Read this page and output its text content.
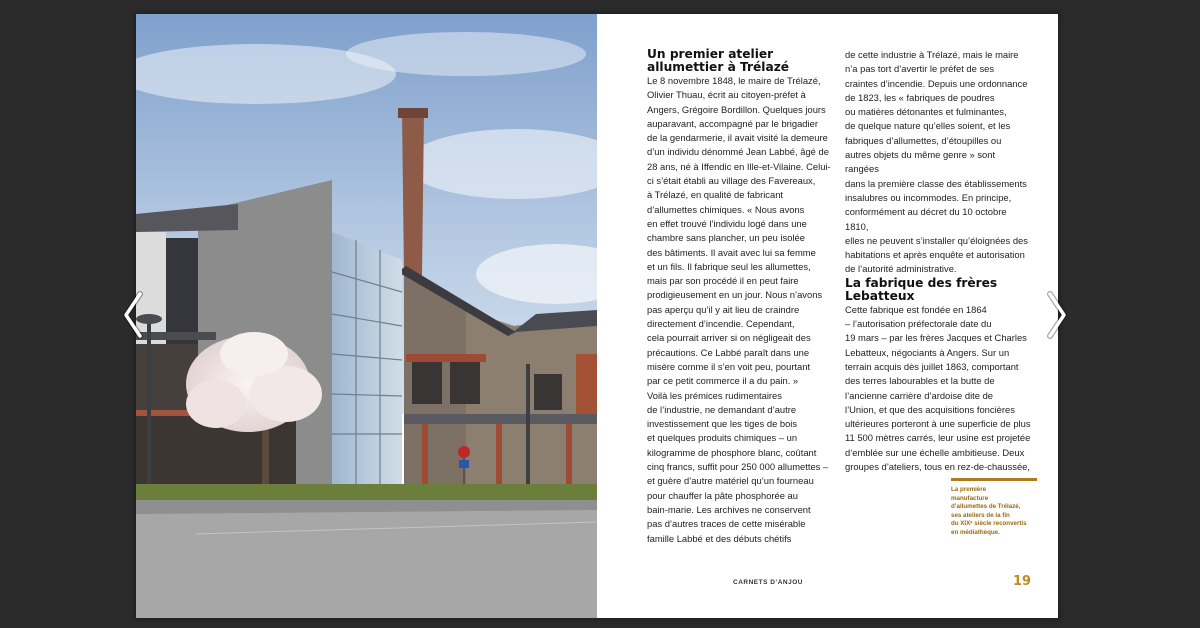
Un premier atelier
allumettier à Trélazé

Le 8 novembre 1848, le maire de Trélazé,
Olivier Thuau, écrit au citoyen-préfet à
Angers, Grégoire Bordillon. Quelques jours
auparavant, accompagné par le brigadier
de la gendarmerie, il avait visité la demeure
d’un individu dénommé Jean Labbé, âgé de
28 ans, né à Iffendic en Ille-et-Vilaine. Celui-
ci s’était établi au village des Favereaux,
à Trélazé, en qualité de fabricant
d’allumettes chimiques. « Nous avons
en effet trouvé l’individu logé dans une
chambre sans plancher, un peu isolée
des bâtiments. Il avait avec lui sa femme
et un fils. Il fabrique seul les allumettes,
mais par son procédé il en peut faire
prodigieusement en un jour. Nous n’avons
pas aperçu qu’il y ait lieu de craindre
directement d’incendie. Cependant,
cela pourrait arriver si on négligeait des
précautions. Ce Labbé paraît dans une
misère comme il s’en voit peu, pourtant
par ce petit commerce il a du pain. »
Voilà les prémices rudimentaires
de l’industrie, ne demandant d’autre
investissement que les tiges de bois
et quelques produits chimiques – un
kilogramme de phosphore blanc, coûtant
cinq francs, suffit pour 250 000 allumettes –
et guère d’autre matériel qu’un fourneau
pour chauffer la pâte phosphorée au
bain-marie. Les archives ne conservent
pas d’autres traces de cette misérable
famille Labbé et des débuts chétifs

de cette industrie à Trélazé, mais le maire
n’a pas tort d’avertir le préfet de ses
craintes d’incendie. Depuis une ordonnance
de 1823, les « fabriques de poudres
ou matières détonantes et fulminantes,
de quelque nature qu’elles soient, et les
fabriques d’allumettes, d’étoupilles ou
autres objets du même genre » sont rangées
dans la première classe des établissements
insalubres ou incommodes. En principe,
conformément au décret du 10 octobre 1810,
elles ne peuvent s’installer qu’éloignées des
habitations et après enquête et autorisation
de l’autorité administrative.

La fabrique des frères
Lebatteux

Cette fabrique est fondée en 1864
– l’autorisation préfectorale date du
19 mars – par les frères Jacques et Charles
Lebatteux, négociants à Angers. Sur un
terrain acquis dès juillet 1863, comportant
des terres labourables et la butte de
l’ancienne carrière d’ardoise dite de
l’Union, et que des acquisitions foncières
ultérieures porteront à une superficie de plus
11 500 mètres carrés, leur usine est projetée
d’emblée sur une échelle ambitieuse. Deux
groupes d’ateliers, tous en rez-de-chaussée,

La première
manufacture
d’allumettes de Trélazé,
ses ateliers de la fin
du XIXᵉ siècle reconvertis
en médiathèque.
CARNETS D’ANJOU	19
